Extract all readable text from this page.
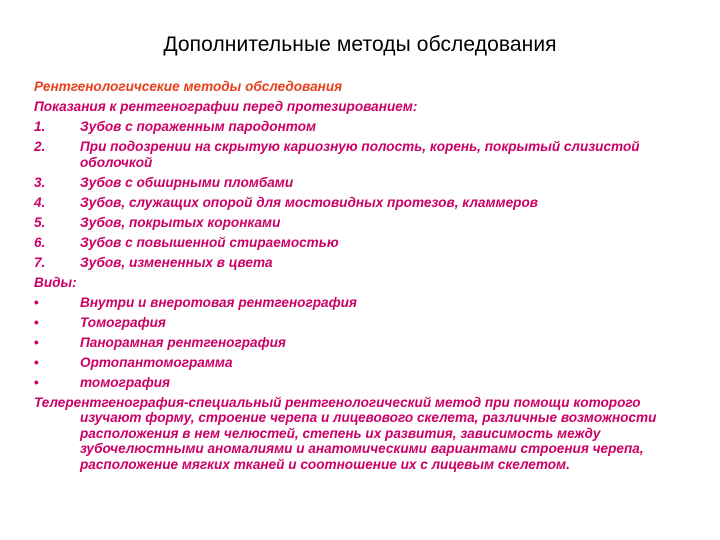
Дополнительные методы обследования
Рентгенологичсекие методы обследования
Показания к рентгенографии перед протезированием:
1.	Зубов с пораженным пародонтом
2.	При подозрении на скрытую кариозную полость, корень, покрытый слизистой оболочкой
3.	Зубов с обширными пломбами
4.	Зубов, служащих опорой для мостовидных протезов, кламмеров
5.	Зубов, покрытых коронками
6.	Зубов с повышенной стираемостью
7.	Зубов, измененных в цвета
Виды:
•	Внутри и внеротовая рентгенография
•	Томография
•	Панорамная рентгенография
•	Ортопантомограмма
•	томография

Телерентгенография-специальный рентгенологический метод при помощи которого изучают форму, строение черепа и лицевового скелета, различные возможности расположения в нем челюстей, степень их развития, зависимость между зубочелюстными аномалиями и анатомическими вариантами строения черепа, расположение мягких тканей и соотношение их с лицевым скелетом.
